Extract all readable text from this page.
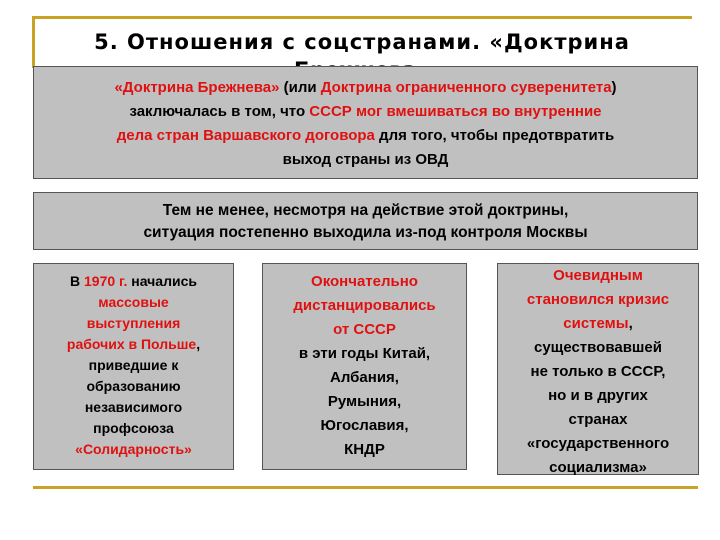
5. Отношения с соцстранами. «Доктрина
«Доктрина Брежнева» (или Доктрина ограниченного суверенитета)
заключалась в том, что СССР мог вмешиваться во внутренние
дела стран Варшавского договора для того, чтобы предотвратить
выход страны из ОВД
Тем не менее, несмотря на действие этой доктрины,
ситуация постепенно выходила из-под контроля Москвы
В 1970 г. начались
массовые
выступления
рабочих в Польше,
приведшие к
образованию
независимого
профсоюза
«Солидарность»
Окончательно
дистанцировались
от СССР
в эти годы Китай,
Албания,
Румыния,
Югославия,
КНДР
Очевидным
становился кризис
системы,
существовавшей
не только в СССР,
но и в других
странах
«государственного
социализма»
